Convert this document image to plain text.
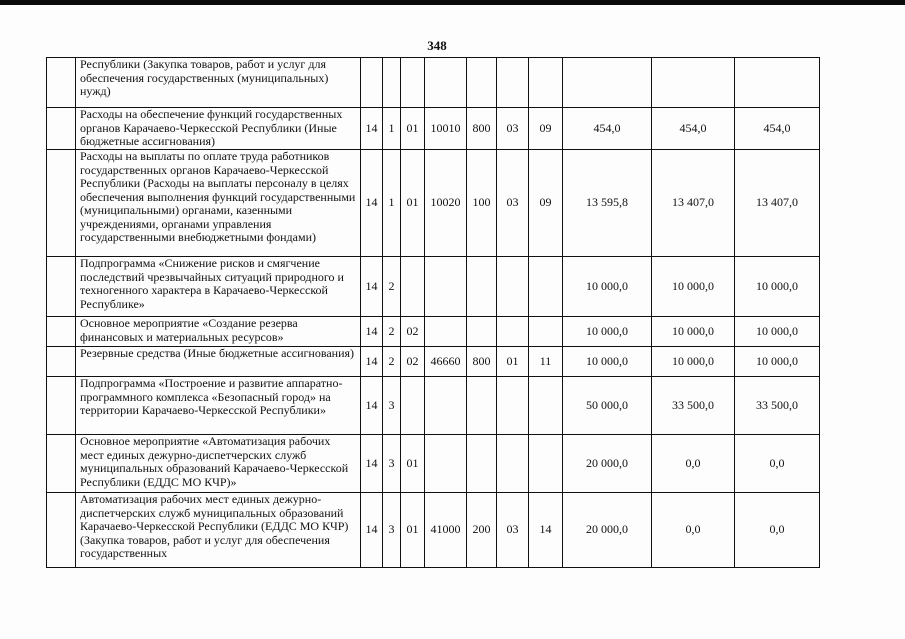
348
	Республики (Закупка товаров, работ и услуг для обеспечения государственных (муниципальных) нужд)										
	Расходы на обеспечение функций государственных органов Карачаево-Черкесской Республики (Иные бюджетные ассигнования)	14	1	01	10010	800	03	09	454,0	454,0	454,0
	Расходы на выплаты по оплате труда работников государственных органов Карачаево-Черкесской Республики (Расходы на выплаты персоналу в целях обеспечения выполнения функций государственными (муниципальными) органами, казенными учреждениями, органами управления государственными внебюджетными фондами)	14	1	01	10020	100	03	09	13 595,8	13 407,0	13 407,0
	Подпрограмма «Снижение рисков и смягчение последствий чрезвычайных ситуаций природного и техногенного характера в Карачаево-Черкесской Республике»	14	2						10 000,0	10 000,0	10 000,0
	Основное мероприятие «Создание резерва финансовых и материальных ресурсов»	14	2	02					10 000,0	10 000,0	10 000,0
	Резервные средства (Иные бюджетные ассигнования)	14	2	02	46660	800	01	11	10 000,0	10 000,0	10 000,0
	Подпрограмма «Построение и развитие аппаратно-программного комплекса «Безопасный город» на территории Карачаево-Черкесской Республики»	14	3						50 000,0	33 500,0	33 500,0
	Основное мероприятие «Автоматизация рабочих мест единых дежурно-диспетчерских служб муниципальных образований Карачаево-Черкесской Республики (ЕДДС МО КЧР)»	14	3	01					20 000,0	0,0	0,0
	Автоматизация рабочих мест единых дежурно-диспетчерских служб муниципальных образований Карачаево-Черкесской Республики (ЕДДС МО КЧР) (Закупка товаров, работ и услуг для обеспечения государственных	14	3	01	41000	200	03	14	20 000,0	0,0	0,0
